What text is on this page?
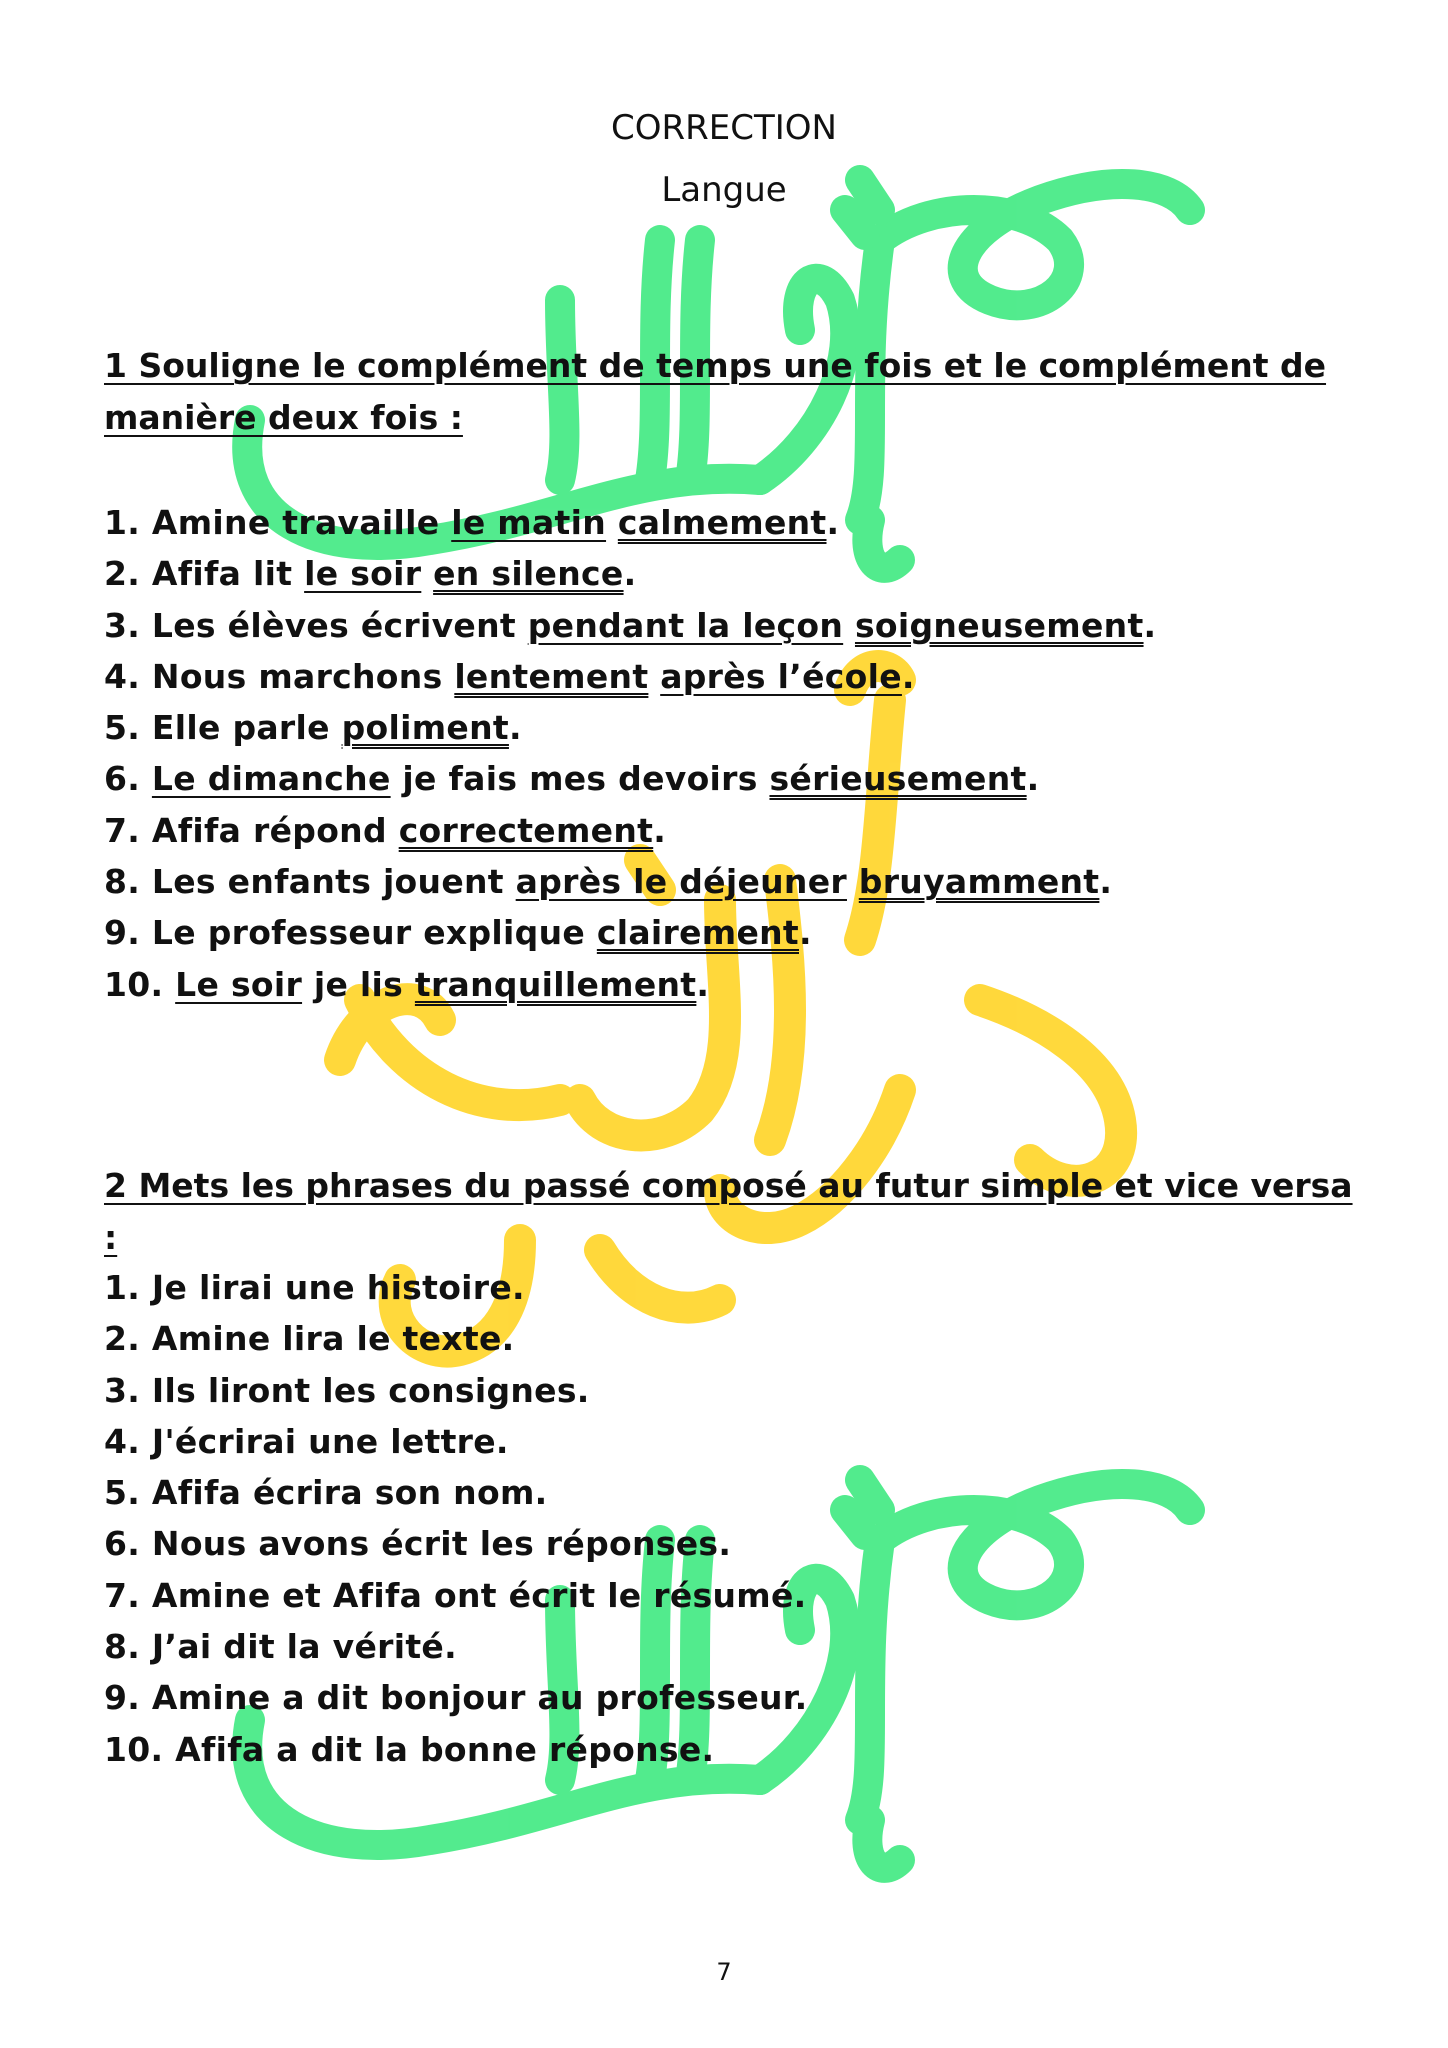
CORRECTION
Langue

1 Souligne le complément de temps une fois et le complément de manière deux fois :

1. Amine travaille le matin calmement.
2. Afifa lit le soir en silence.
3. Les élèves écrivent pendant la leçon soigneusement.
4. Nous marchons lentement après l’école.
5. Elle parle poliment.
6. Le dimanche je fais mes devoirs sérieusement.
7. Afifa répond correctement.
8. Les enfants jouent après le déjeuner bruyamment.
9. Le professeur explique clairement.
10. Le soir je lis tranquillement.

2 Mets les phrases du passé composé au futur simple et vice versa :

1. Je lirai une histoire.
2. Amine lira le texte.
3. Ils liront les consignes.
4. J'écrirai une lettre.
5. Afifa écrira son nom.
6. Nous avons écrit les réponses.
7. Amine et Afifa ont écrit le résumé.
8. J’ai dit la vérité.
9. Amine a dit bonjour au professeur.
10. Afifa a dit la bonne réponse.
7
